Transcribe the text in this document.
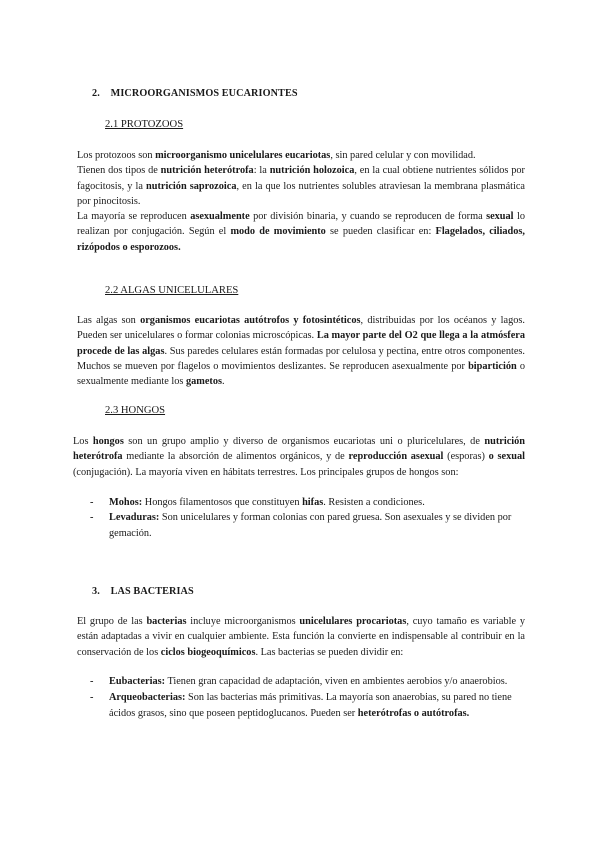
2. MICROORGANISMOS EUCARIONTES
2.1 PROTOZOOS

Los protozoos son microorganismo unicelulares eucariotas, sin pared celular y con movilidad.

Tienen dos tipos de nutrición heterótrofa: la nutrición holozoica, en la cual obtiene nutrientes sólidos por fagocitosis, y la nutrición saprozoica, en la que los nutrientes solubles atraviesan la membrana plasmática por pinocitosis.

La mayoría se reproducen asexualmente por división binaria, y cuando se reproducen de forma sexual lo realizan por conjugación. Según el modo de movimiento se pueden clasificar en: Flagelados, ciliados, rizópodos o esporozoos.

2.2 ALGAS UNICELULARES

Las algas son organismos eucariotas autótrofos y fotosintéticos, distribuidas por los océanos y lagos. Pueden ser unicelulares o formar colonias microscópicas. La mayor parte del O2 que llega a la atmósfera procede de las algas. Sus paredes celulares están formadas por celulosa y pectina, entre otros componentes. Muchos se mueven por flagelos o movimientos deslizantes. Se reproducen asexualmente por bipartición o sexualmente mediante los gametos.

2.3 HONGOS

Los hongos son un grupo amplio y diverso de organismos eucariotas uni o pluricelulares, de nutrición heterótrofa mediante la absorción de alimentos orgánicos, y de reproducción asexual (esporas) o sexual (conjugación). La mayoría viven en hábitats terrestres. Los principales grupos de hongos son:

- Mohos: Hongos filamentosos que constituyen hifas. Resisten a condiciones.
- Levaduras: Son unicelulares y forman colonias con pared gruesa. Son asexuales y se dividen por gemación.
3. LAS BACTERIAS

El grupo de las bacterias incluye microorganismos unicelulares procariotas, cuyo tamaño es variable y están adaptadas a vivir en cualquier ambiente. Esta función la convierte en indispensable al contribuir en la conservación de los ciclos biogeoquímicos. Las bacterias se pueden dividir en:

- Eubacterias: Tienen gran capacidad de adaptación, viven en ambientes aerobios y/o anaerobios.
- Arqueobacterias: Son las bacterias más primitivas. La mayoría son anaerobias, su pared no tiene ácidos grasos, sino que poseen peptidoglucanos. Pueden ser heterótrofas o autótrofas.
